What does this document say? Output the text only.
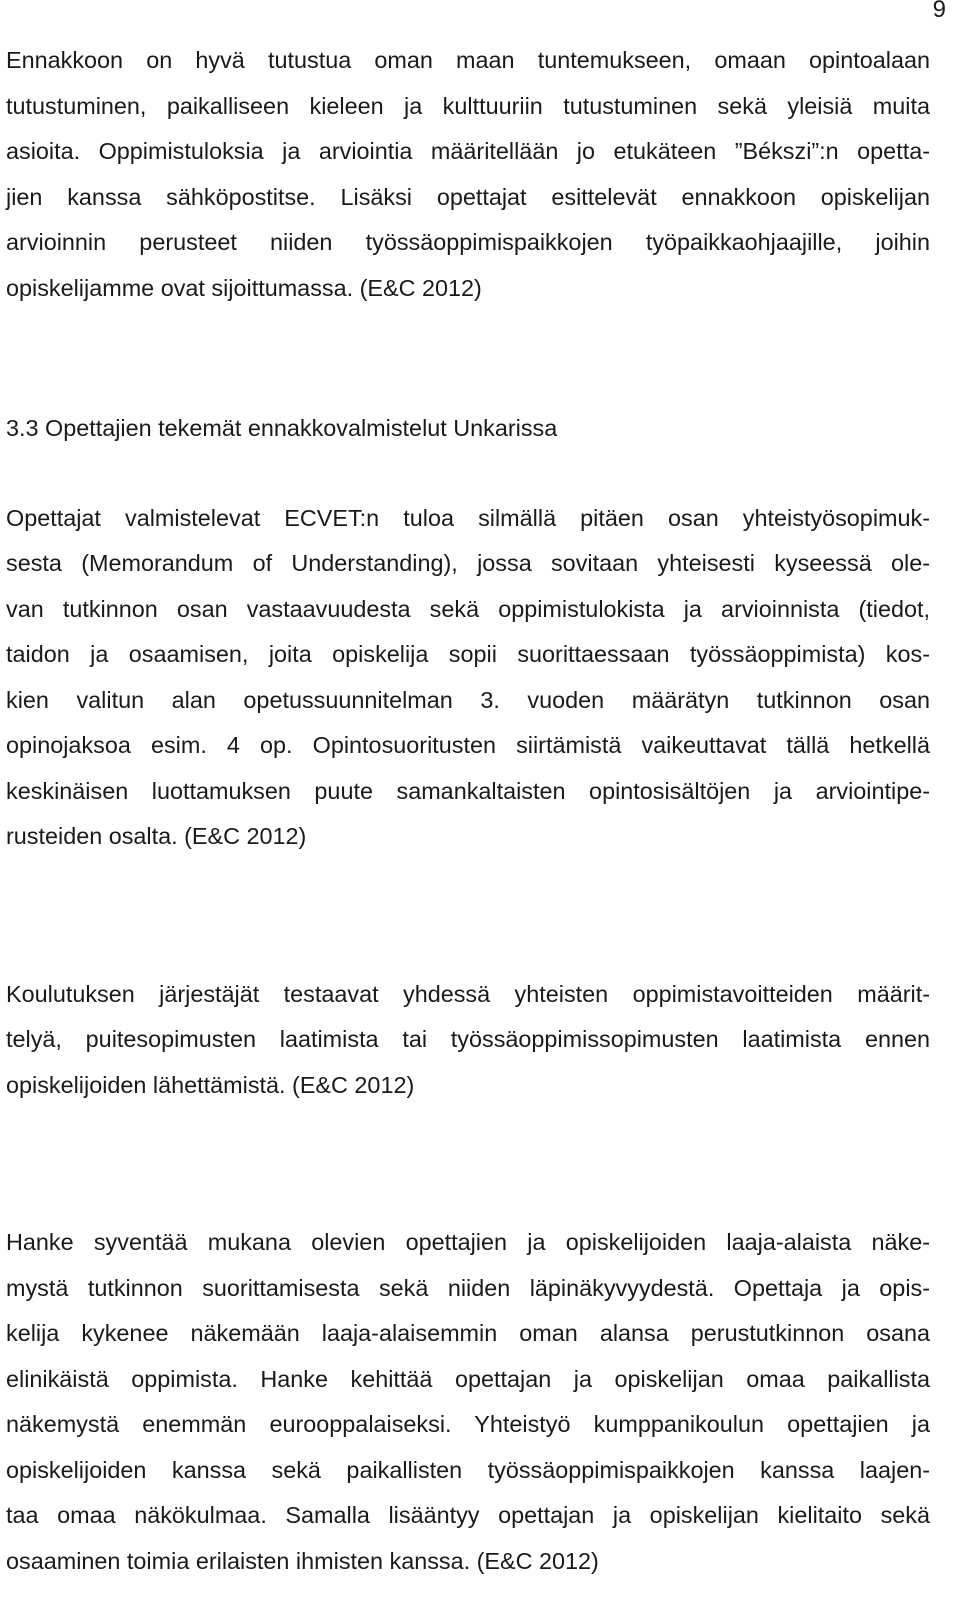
9

Ennakkoon on hyvä tutustua oman maan tuntemukseen, omaan opintoalaan
tutustuminen, paikalliseen kieleen ja kulttuuriin tutustuminen sekä yleisiä muita
asioita. Oppimistuloksia ja arviointia määritellään jo etukäteen ”Békszi”:n opetta-
jien kanssa sähköpostitse. Lisäksi opettajat esittelevät ennakkoon opiskelijan
arvioinnin perusteet niiden työssäoppimispaikkojen työpaikkaohjaajille, joihin
opiskelijamme ovat sijoittumassa. (E&C 2012)

3.3 Opettajien tekemät ennakkovalmistelut Unkarissa

Opettajat valmistelevat ECVET:n tuloa silmällä pitäen osan yhteistyösopimuk-
sesta (Memorandum of Understanding), jossa sovitaan yhteisesti kyseessä ole-
van tutkinnon osan vastaavuudesta sekä oppimistulokista ja arvioinnista (tiedot,
taidon ja osaamisen, joita opiskelija sopii suorittaessaan työssäoppimista) kos-
kien valitun alan opetussuunnitelman 3. vuoden määrätyn tutkinnon osan
opinojaksoa esim. 4 op. Opintosuoritusten siirtämistä vaikeuttavat tällä hetkellä
keskinäisen luottamuksen puute samankaltaisten opintosisältöjen ja arviointipe-
rusteiden osalta. (E&C 2012)

Koulutuksen järjestäjät testaavat yhdessä yhteisten oppimistavoitteiden määrit-
telyä, puitesopimusten laatimista tai työssäoppimissopimusten laatimista ennen
opiskelijoiden lähettämistä. (E&C 2012)

Hanke syventää mukana olevien opettajien ja opiskelijoiden laaja-alaista näke-
mystä tutkinnon suorittamisesta sekä niiden läpinäkyvyydestä. Opettaja ja opis-
kelija kykenee näkemään laaja-alaisemmin oman alansa perustutkinnon osana
elinikäistä oppimista. Hanke kehittää opettajan ja opiskelijan omaa paikallista
näkemystä enemmän eurooppalaiseksi. Yhteistyö kumppanikoulun opettajien ja
opiskelijoiden kanssa sekä paikallisten työssäoppimispaikkojen kanssa laajen-
taa omaa näkökulmaa. Samalla lisääntyy opettajan ja opiskelijan kielitaito sekä
osaaminen toimia erilaisten ihmisten kanssa. (E&C 2012)
